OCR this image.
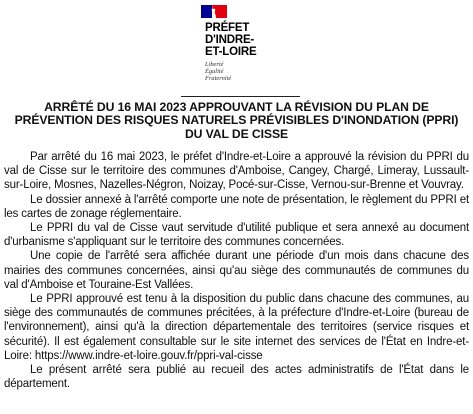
PRÉFET
D'INDRE-
ET-LOIRE
Liberté
Égalité
Fraternité
ARRÊTÉ DU 16 MAI 2023 APPROUVANT LA RÉVISION DU PLAN DE PRÉVENTION DES RISQUES NATURELS PRÉVISIBLES D'INONDATION (PPRI) DU VAL DE CISSE

Par arrêté du 16 mai 2023, le préfet d'Indre-et-Loire a approuvé la révision du PPRI du val de Cisse sur le territoire des communes d'Amboise, Cangey, Chargé, Limeray, Lussault-sur-Loire, Mosnes, Nazelles-Négron, Noizay, Pocé-sur-Cisse, Vernou-sur-Brenne et Vouvray.

Le dossier annexé à l'arrêté comporte une note de présentation, le règlement du PPRI et les cartes de zonage réglementaire.

Le PPRI du val de Cisse vaut servitude d'utilité publique et sera annexé au document d'urbanisme s'appliquant sur le territoire des communes concernées.

Une copie de l'arrêté sera affichée durant une période d'un mois dans chacune des mairies des communes concernées, ainsi qu'au siège des communautés de communes du val d'Amboise et Touraine-Est Vallées.

Le PPRI approuvé est tenu à la disposition du public dans chacune des communes, au siège des communautés de communes précitées, à la préfecture d'Indre-et-Loire (bureau de l'environnement), ainsi qu'à la direction départementale des territoires (service risques et sécurité). Il est également consultable sur le site internet des services de l'État en Indre-et-Loire: https://www.indre-et-loire.gouv.fr/ppri-val-cisse

Le présent arrêté sera publié au recueil des actes administratifs de l'État dans le département.
